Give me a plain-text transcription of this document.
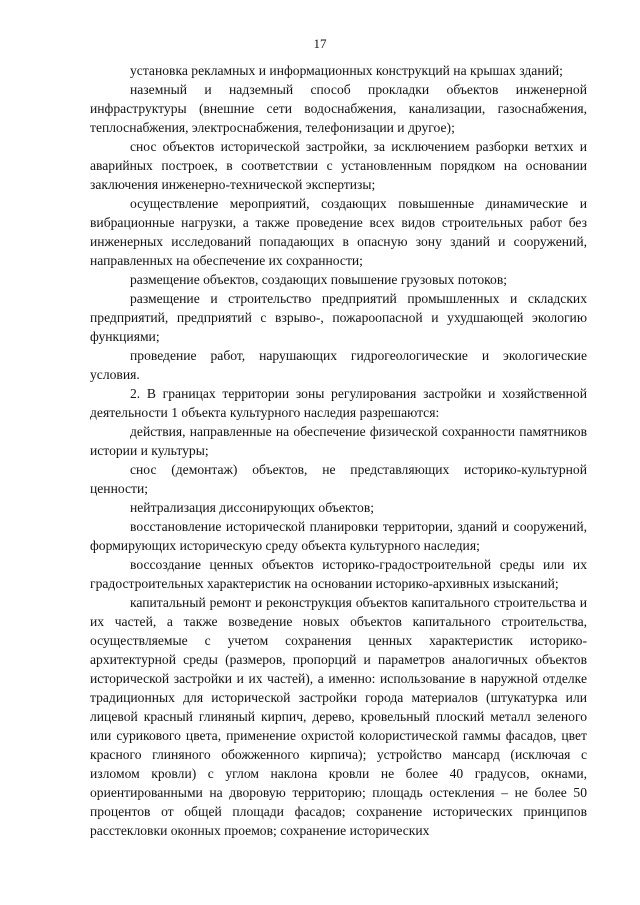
17

установка рекламных и информационных конструкций на крышах зданий;

наземный и надземный способ прокладки объектов инженерной инфраструктуры (внешние сети водоснабжения, канализации, газоснабжения, теплоснабжения, электроснабжения, телефонизации и другое);

снос объектов исторической застройки, за исключением разборки ветхих и аварийных построек, в соответствии с установленным порядком на основании заключения инженерно-технической экспертизы;

осуществление мероприятий, создающих повышенные динамические и вибрационные нагрузки, а также проведение всех видов строительных работ без инженерных исследований попадающих в опасную зону зданий и сооружений, направленных на обеспечение их сохранности;

размещение объектов, создающих повышение грузовых потоков;

размещение и строительство предприятий промышленных и складских предприятий, предприятий с взрыво-, пожароопасной и ухудшающей экологию функциями;

проведение работ, нарушающих гидрогеологические и экологические условия.

2. В границах территории зоны регулирования застройки и хозяйственной деятельности 1 объекта культурного наследия разрешаются:

действия, направленные на обеспечение физической сохранности памятников истории и культуры;

снос (демонтаж) объектов, не представляющих историко-культурной ценности;

нейтрализация диссонирующих объектов;

восстановление исторической планировки территории, зданий и сооружений, формирующих историческую среду объекта культурного наследия;

воссоздание ценных объектов историко-градостроительной среды или их градостроительных характеристик на основании историко-архивных изысканий;

капитальный ремонт и реконструкция объектов капитального строительства и их частей, а также возведение новых объектов капитального строительства, осуществляемые с учетом сохранения ценных характеристик историко-архитектурной среды (размеров, пропорций и параметров аналогичных объектов исторической застройки и их частей), а именно: использование в наружной отделке традиционных для исторической застройки города материалов (штукатурка или лицевой красный глиняный кирпич, дерево, кровельный плоский металл зеленого или сурикового цвета, применение охристой колористической гаммы фасадов, цвет красного глиняного обожженного кирпича); устройство мансард (исключая с изломом кровли) с углом наклона кровли не более 40 градусов, окнами, ориентированными на дворовую территорию; площадь остекления – не более 50 процентов от общей площади фасадов; сохранение исторических принципов расстекловки оконных проемов; сохранение исторических
